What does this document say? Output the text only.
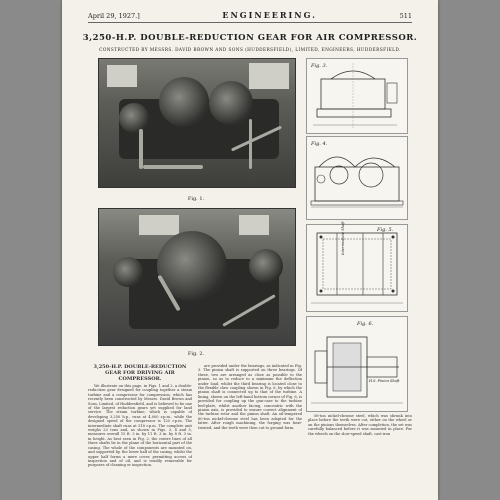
April 29, 1927.]	ENGINEERING.	511
3,250-H.P. DOUBLE-REDUCTION GEAR FOR AIR COMPRESSOR.
CONSTRUCTED BY MESSRS. DAVID BROWN AND SONS (HUDDERSFIELD), LIMITED, ENGINEERS, HUDDERSFIELD.
Fig. 1.
Fig. 2.
Fig. 3.
Fig. 4.
Fig. 5.
Intermediate Shaft
Fig. 6.
H.S. Pinion Shaft
3,250-H.P. DOUBLE-REDUCTION GEAR FOR DRIVING AIR COMPRESSOR.

We illustrate on this page, in Figs. 1 and 2, a double-reduction gear designed for coupling together a steam turbine and a compressor for compression, which has recently been constructed by Messrs. David Brown and Sons, Limited, of Huddersfield, and is believed to be one of the largest reduction gears yet supplied for land service. The steam turbine, which is capable of developing 3,250 h.p., runs at 4,000 r.p.m., while the designed speed of the compressor is 120 r.p.m. The intermediate shaft runs at 518 r.p.m. The complete unit weighs 23 tons and, as shown in Figs. 3, 4 and 5, measures overall 15 ft. 3 in. by 11 ft. 3 in. by 8 ft. 3 in. in height. As best seen in Fig. 2, the centre lines of all three shafts lie in the plane of the horizontal part of the casing. The whole of the components are mounted on, and supported by, the lower half of the casing, whilst the upper half forms a mere cover, permitting access of inspection and of oil, and is readily removable for purposes of cleaning or inspection.

are provided under the bearings, as indicated in Fig. 3. The pinion shaft is supported on three bearings. Of these, two are arranged as close as possible to the pinion, so as to reduce to a minimum the deflection under load, whilst the third bearing is located close to the flexible claw coupling shown in Fig. 6, by which the pinion shaft is connected up to that of the turbine. A lining, shown on the left-hand bottom corner of Fig. 6, is provided for coupling up the gun-case to the turbine bed-plate, whilst another facing, concentric with the pinion axis, is provided to ensure correct alignment of the turbine rotor and the pinion shaft. An oil-tempered 60-ton nickel-chrome steel has been adopted for the latter. After rough machining, the forging was heat-treated, and the teeth were then cut to ground form.

56-ton nickel-chrome steel, which was shrunk into place before the teeth were cut, either on the wheel or on the pinions themselves. After completion, the set was carefully balanced before it was mounted in place. For the wheels on the slow-speed shaft, cast-iron
